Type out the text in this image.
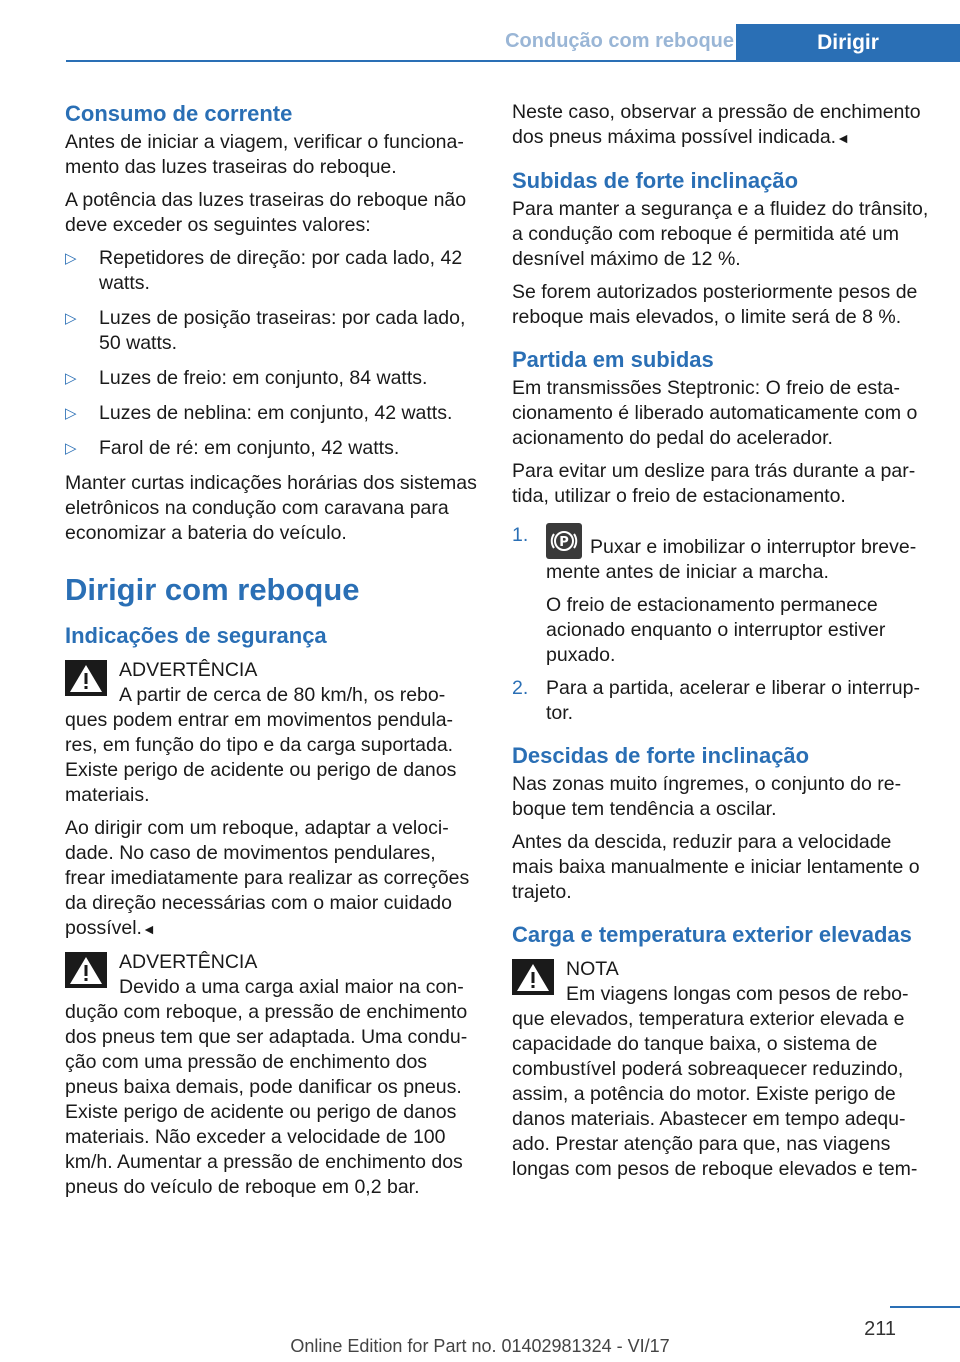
Condução com reboque	Dirigir
Consumo de corrente

Antes de iniciar a viagem, verificar o funcionamento das luzes traseiras do reboque.

A potência das luzes traseiras do reboque não deve exceder os seguintes valores:

▷ Repetidores de direção: por cada lado, 42 watts.
▷ Luzes de posição traseiras: por cada lado, 50 watts.
▷ Luzes de freio: em conjunto, 84 watts.
▷ Luzes de neblina: em conjunto, 42 watts.
▷ Farol de ré: em conjunto, 42 watts.

Manter curtas indicações horárias dos sistemas eletrônicos na condução com caravana para economizar a bateria do veículo.

Dirigir com reboque
Indicações de segurança
ADVERTÊNCIA

A partir de cerca de 80 km/h, os reboques podem entrar em movimentos pendulares, em função do tipo e da carga suportada. Existe perigo de acidente ou perigo de danos materiais.

Ao dirigir com um reboque, adaptar a velocidade. No caso de movimentos pendulares, frear imediatamente para realizar as correções da direção necessárias com o maior cuidado possível.◄

ADVERTÊNCIA

Devido a uma carga axial maior na condução com reboque, a pressão de enchimento dos pneus tem que ser adaptada. Uma condução com uma pressão de enchimento dos pneus baixa demais, pode danificar os pneus. Existe perigo de acidente ou perigo de danos materiais. Não exceder a velocidade de 100 km/h. Aumentar a pressão de enchimento dos pneus do veículo de reboque em 0,2 bar.

Neste caso, observar a pressão de enchimento dos pneus máxima possível indicada.◄

Subidas de forte inclinação

Para manter a segurança e a fluidez do trânsito, a condução com reboque é permitida até um desnível máximo de 12 %.

Se forem autorizados posteriormente pesos de reboque mais elevados, o limite será de 8 %.

Partida em subidas

Em transmissões Steptronic: O freio de estacionamento é liberado automaticamente com o acionamento do pedal do acelerador.

Para evitar um deslize para trás durante a partida, utilizar o freio de estacionamento.

1. P Puxar e imobilizar o interruptor brevemente antes de iniciar a marcha.

O freio de estacionamento permanece acionado enquanto o interruptor estiver puxado.

2. Para a partida, acelerar e liberar o interruptor.
Descidas de forte inclinação

Nas zonas muito íngremes, o conjunto do reboque tem tendência a oscilar.

Antes da descida, reduzir para a velocidade mais baixa manualmente e iniciar lentamente o trajeto.

Carga e temperatura exterior elevadas
NOTA

Em viagens longas com pesos de reboque elevados, temperatura exterior elevada e capacidade do tanque baixa, o sistema de combustível poderá sobreaquecer reduzindo, assim, a potência do motor. Existe perigo de danos materiais. Abastecer em tempo adequado. Prestar atenção para que, nas viagens longas com pesos de reboque elevados e tem-

211
Online Edition for Part no. 01402981324 - VI/17
